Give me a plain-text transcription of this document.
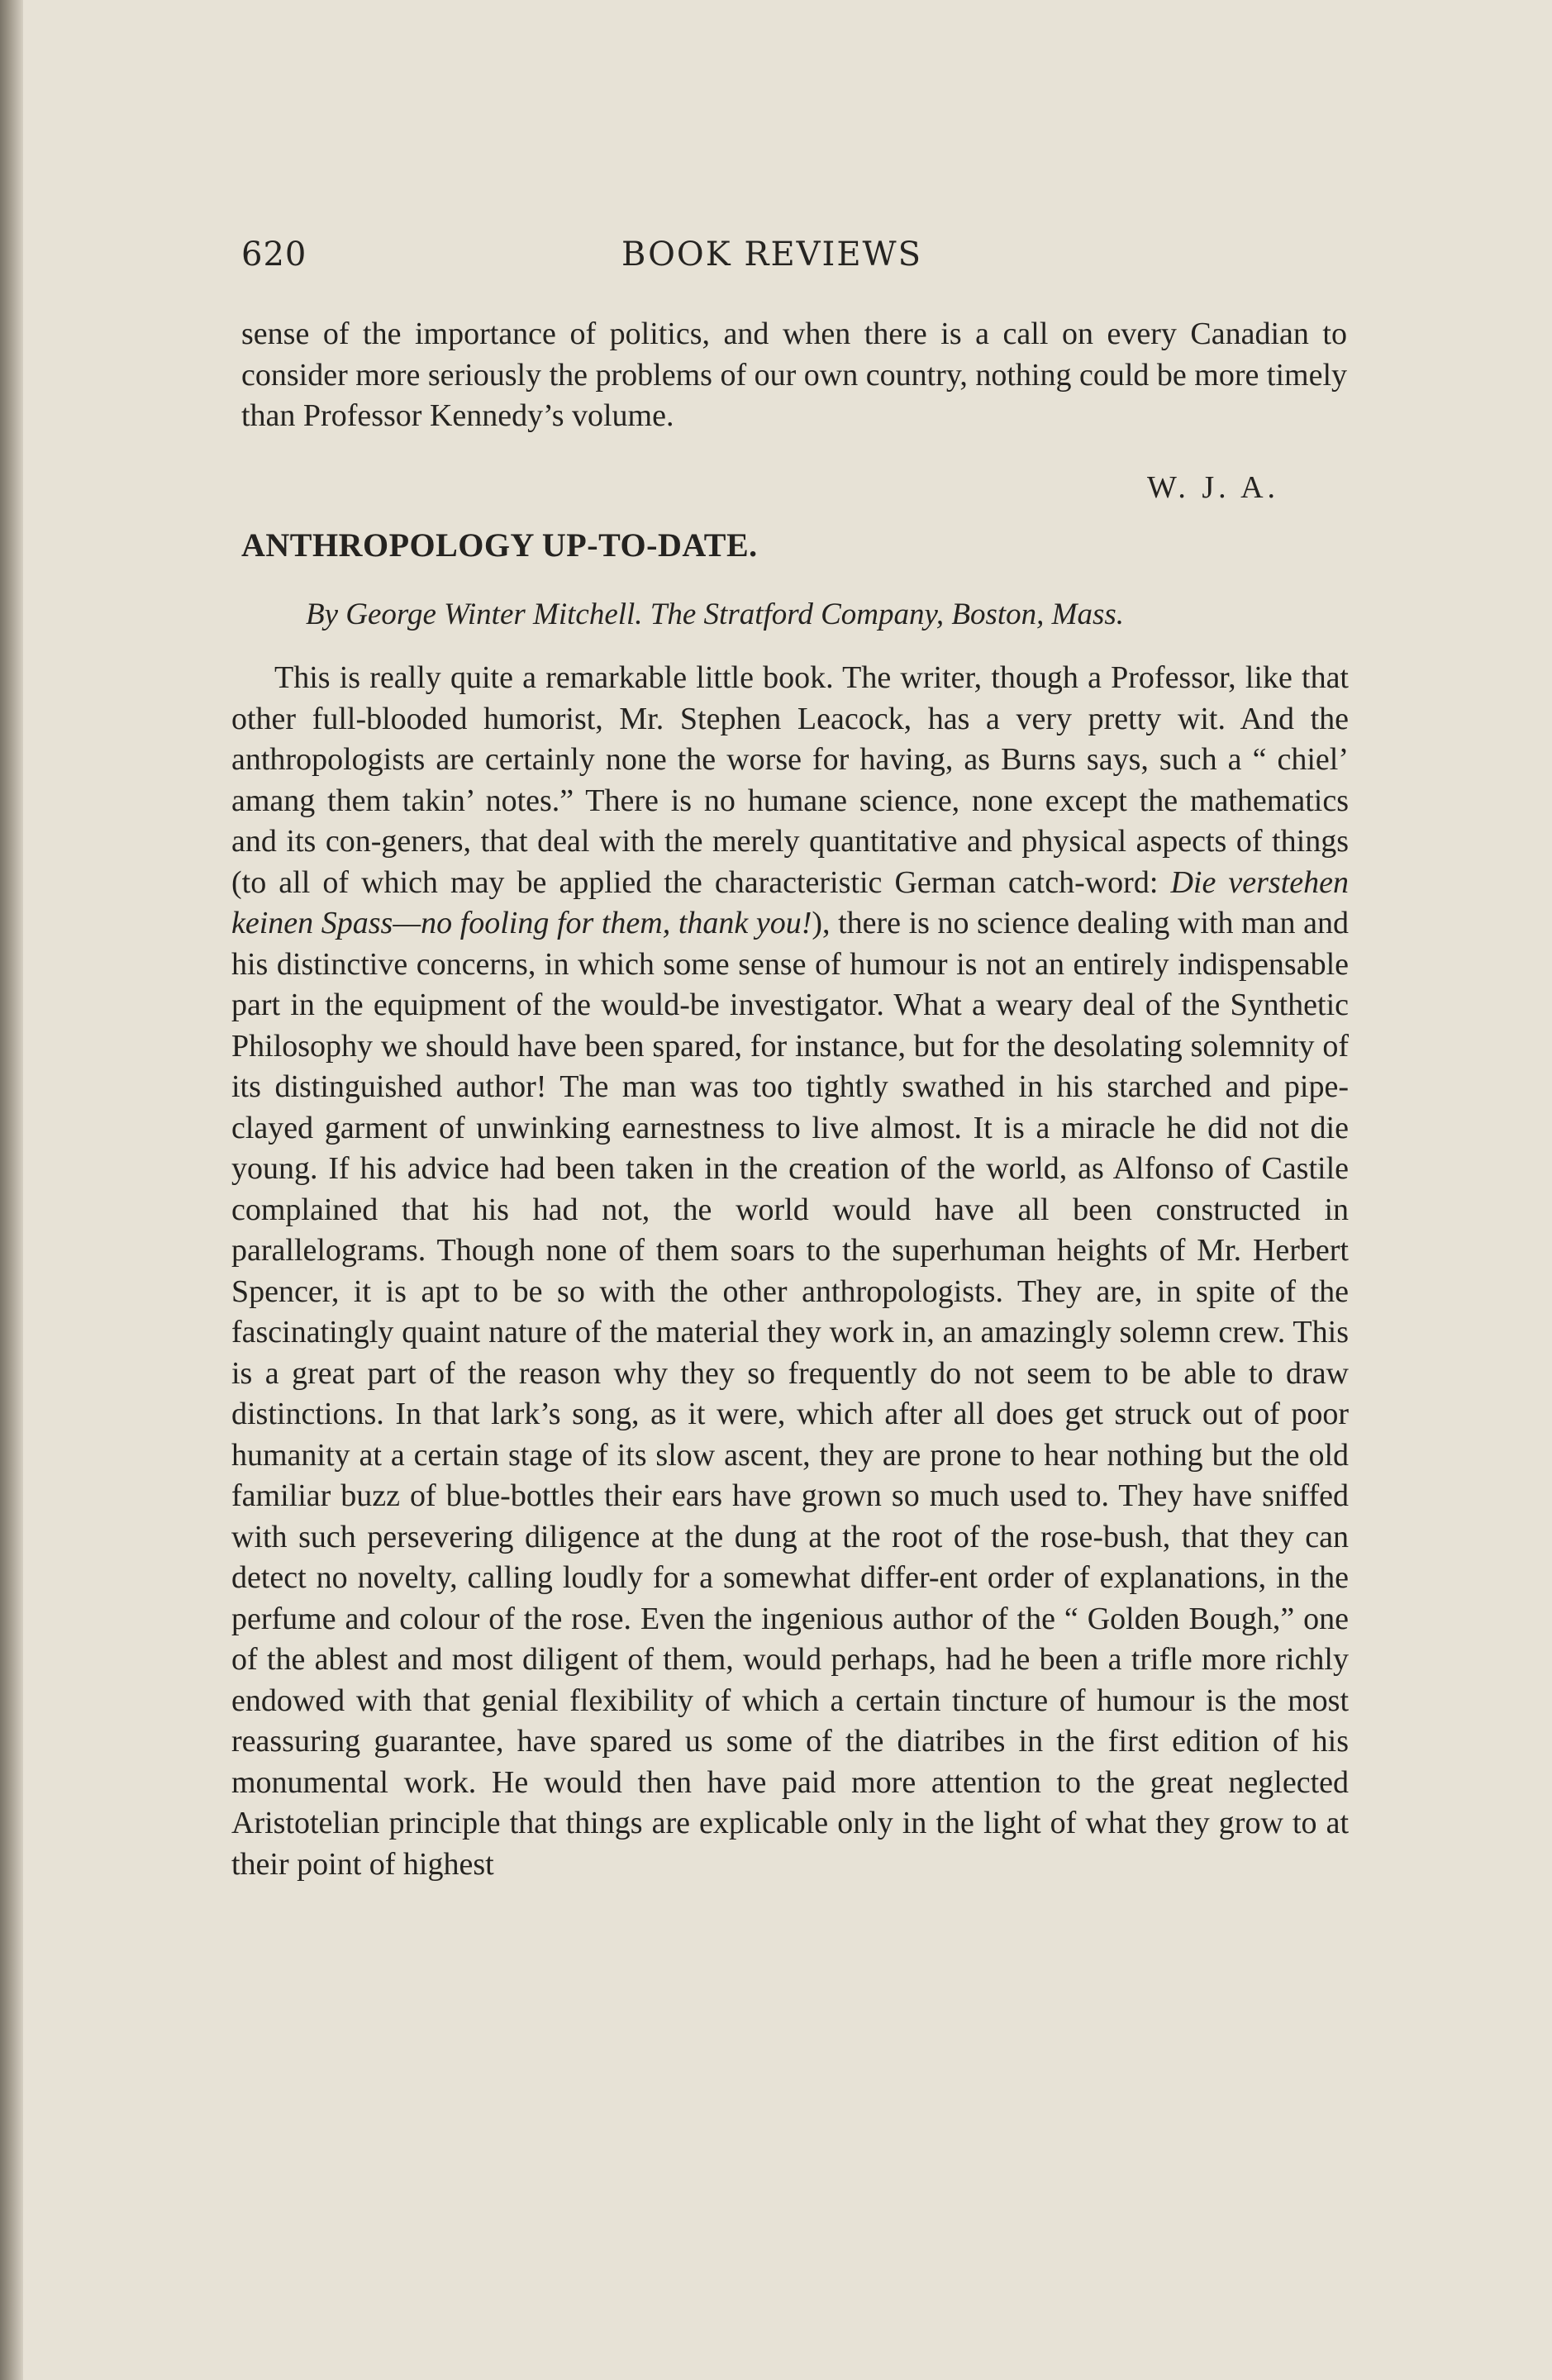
620	BOOK REVIEWS

sense of the importance of politics, and when there is a call on every Canadian to consider more seriously the problems of our own country, nothing could be more timely than Professor Kennedy’s volume.

W. J. A.
ANTHROPOLOGY UP-TO-DATE.
By George Winter Mitchell. The Stratford Company, Boston, Mass.

This is really quite a remarkable little book. The writer, though a Professor, like that other full-blooded humorist, Mr. Stephen Leacock, has a very pretty wit. And the anthropologists are certainly none the worse for having, as Burns says, such a “ chiel’ amang them takin’ notes.” There is no humane science, none except the mathematics and its con-geners, that deal with the merely quantitative and physical aspects of things (to all of which may be applied the characteristic German catch-word: Die verstehen keinen Spass—no fooling for them, thank you!), there is no science dealing with man and his distinctive concerns, in which some sense of humour is not an entirely indispensable part in the equipment of the would-be investigator. What a weary deal of the Synthetic Philosophy we should have been spared, for instance, but for the desolating solemnity of its distinguished author! The man was too tightly swathed in his starched and pipe-clayed garment of unwinking earnestness to live almost. It is a miracle he did not die young. If his advice had been taken in the creation of the world, as Alfonso of Castile complained that his had not, the world would have all been constructed in parallelograms. Though none of them soars to the superhuman heights of Mr. Herbert Spencer, it is apt to be so with the other anthropologists. They are, in spite of the fascinatingly quaint nature of the material they work in, an amazingly solemn crew. This is a great part of the reason why they so frequently do not seem to be able to draw distinctions. In that lark’s song, as it were, which after all does get struck out of poor humanity at a certain stage of its slow ascent, they are prone to hear nothing but the old familiar buzz of blue-bottles their ears have grown so much used to. They have sniffed with such persevering diligence at the dung at the root of the rose-bush, that they can detect no novelty, calling loudly for a somewhat differ-ent order of explanations, in the perfume and colour of the rose. Even the ingenious author of the “ Golden Bough,” one of the ablest and most diligent of them, would perhaps, had he been a trifle more richly endowed with that genial flexibility of which a certain tincture of humour is the most reassuring guarantee, have spared us some of the diatribes in the first edition of his monumental work. He would then have paid more attention to the great neglected Aristotelian principle that things are explicable only in the light of what they grow to at their point of highest
